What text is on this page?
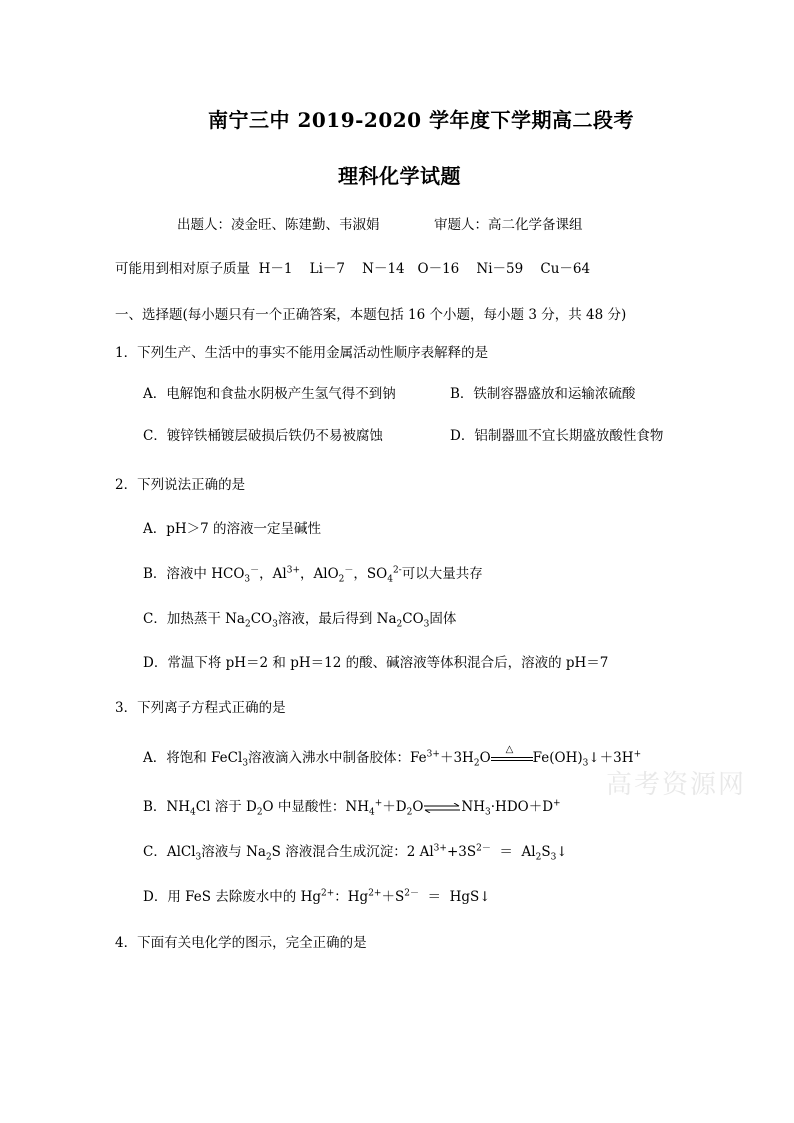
南宁三中 2019-2020 学年度下学期高二段考
理科化学试题
出题人：凌金旺、陈建勤、韦淑娟	审题人：高二化学备课组
可能用到相对原子质量  H－1    Li－7    N－14   O－16    Ni－59    Cu－64
一、选择题(每小题只有一个正确答案，本题包括 16 个小题，每小题 3 分，共 48 分)
1．下列生产、生活中的事实不能用金属活动性顺序表解释的是
A．电解饱和食盐水阴极产生氢气得不到钠	B．铁制容器盛放和运输浓硫酸
C．镀锌铁桶镀层破损后铁仍不易被腐蚀	D．铝制器皿不宜长期盛放酸性食物
2．下列说法正确的是
A．pH＞7 的溶液一定呈碱性
B．溶液中 $HCO_3^-$，$Al^{3+}$，AlO$_2$－，$SO_4^{2-}$可以大量共存
C．加热蒸干 $Na_2CO_3$溶液，最后得到 $Na_2CO_3$固体
D．常温下将 pH＝2 和 pH＝12 的酸、碱溶液等体积混合后，溶液的 pH＝7
3．下列离子方程式正确的是
A．将饱和 FeCl$_3$溶液滴入沸水中制备胶体：$Fe^{3+}+3H_2O$
△
$Fe(OH)_3↓+3H^+$
B．$NH_4Cl$ 溶于 $D_2O$ 中显酸性：$NH_4^++D_2O\rightleftharpoons NH_3\cdot HDO+D^+$
C．AlCl$_3$溶液与 $Na_2S$ 溶液混合生成沉淀：2 $Al^{3+}+3S^{2-}$  ＝  $Al_2S_3↓$
D．用 FeS 去除废水中的 $Hg^{2+}$：$Hg^{2+}+S^{2-}$  ＝  HgS↓
4．下面有关电化学的图示，完全正确的是
高考资源网
